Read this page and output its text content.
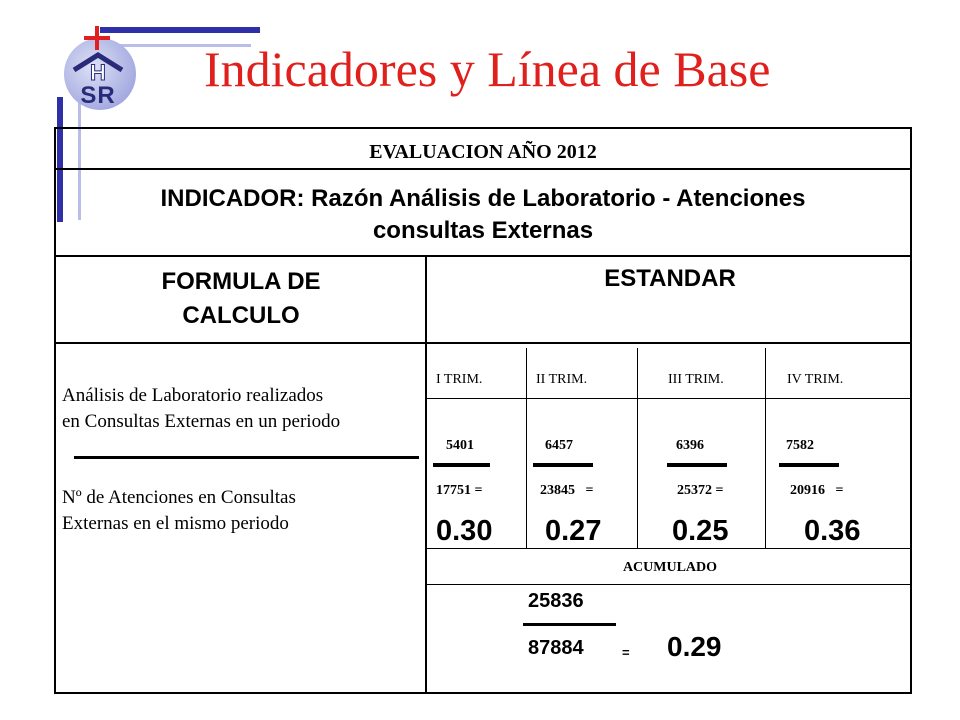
H
SR Indicadores y Línea de Base
EVALUACION AÑO 2012
INDICADOR: Razón Análisis de Laboratorio - Atenciones
consultas Externas
FORMULA DE
CALCULO
ESTANDAR
Análisis de Laboratorio realizados
en Consultas Externas en un periodo
Nº de Atenciones en Consultas
Externas en el mismo periodo
I TRIM.	II TRIM.	III TRIM.	IV TRIM.
5401	6457	6396	7582
17751 =	23845   =	25372 =	20916   =
0.30 0.27 0.25	0.36
ACUMULADO
25836
87884	= 0.29
